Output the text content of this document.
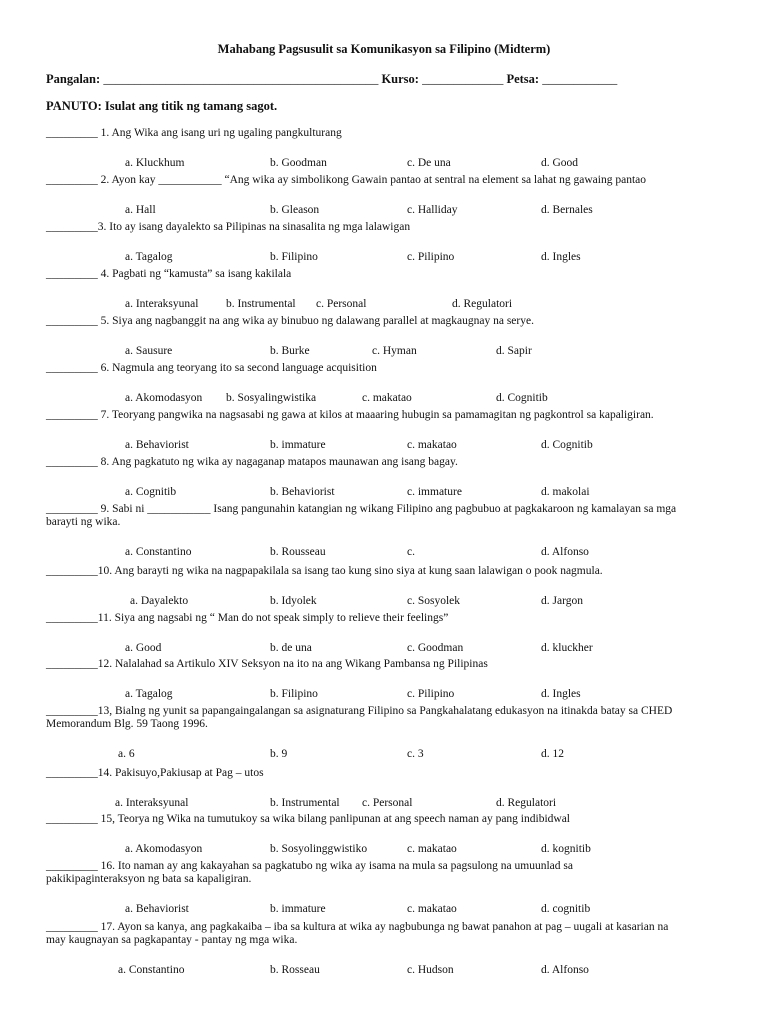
Mahabang Pagsusulit sa Komunikasyon sa Filipino (Midterm)
Pangalan: ____________________________________________ Kurso: _____________ Petsa: ____________
PANUTO: Isulat ang titik ng tamang sagot.
_________ 1. Ang Wika ang isang uri ng ugaling pangkulturang
a. Kluckhum	b. Goodman	c. De una	d. Good
_________ 2. Ayon kay ___________ “Ang wika ay simbolikong Gawain pantao at sentral na element sa lahat ng gawaing pantao
a. Hall	b. Gleason	c. Halliday	d. Bernales
_________3. Ito ay isang dayalekto sa Pilipinas na sinasalita ng mga lalawigan
a. Tagalog	b. Filipino	c. Pilipino	d. Ingles
_________ 4. Pagbati ng “kamusta” sa isang kakilala
a. Interaksyunal b. Instrumental c. Personal	d. Regulatori
_________ 5. Siya ang nagbanggit na ang wika ay binubuo ng dalawang parallel at magkaugnay na serye.
a. Sausure	b. Burke	c. Hyman	d. Sapir
_________ 6. Nagmula ang teoryang ito sa second language acquisition
a. Akomodasyon b. Sosyalingwistika	c. makatao	d. Cognitib
_________ 7. Teoryang pangwika na nagsasabi ng gawa at kilos at maaaring hubugin sa pamamagitan ng pagkontrol sa kapaligiran.
a. Behaviorist	b. immature	c. makatao	d. Cognitib
_________ 8. Ang pagkatuto ng wika ay nagaganap matapos maunawan ang isang bagay.
a. Cognitib	b. Behaviorist	c. immature	d. makolai
_________ 9. Sabi ni ___________ Isang pangunahin katangian ng wikang Filipino ang pagbubuo at pagkakaroon ng kamalayan sa mga
barayti ng wika.
a. Constantino	b. Rousseau	c.	d. Alfonso
_________10. Ang barayti ng wika na nagpapakilala sa isang tao kung sino siya at kung saan lalawigan o pook nagmula.
a. Dayalekto	b. Idyolek	c. Sosyolek	d. Jargon
_________11. Siya ang nagsabi ng “ Man do not speak simply to relieve their feelings”
a. Good	b. de una	c. Goodman	d. kluckher
_________12. Nalalahad sa Artikulo XIV Seksyon na ito na ang Wikang Pambansa ng Pilipinas
a. Tagalog	b. Filipino	c. Pilipino	d. Ingles
_________13, Bialng ng yunit sa papangaingalangan sa asignaturang Filipino sa Pangkahalatang edukasyon na itinakda batay sa CHED
Memorandum Blg. 59 Taong 1996.
a. 6	b. 9	c. 3	d. 12
_________14. Pakisuyo,Pakiusap at Pag – utos
a. Interaksyunal	b. Instrumental c. Personal	d. Regulatori
_________ 15, Teorya ng Wika na tumutukoy sa wika bilang panlipunan at ang speech naman ay pang indibidwal
a. Akomodasyon	b. Sosyolinggwistiko	c. makatao	d. kognitib
_________ 16. Ito naman ay ang kakayahan sa pagkatubo ng wika ay isama na mula sa pagsulong na umuunlad sa
pakikipaginteraksyon ng bata sa kapaligiran.
a. Behaviorist	b. immature	c. makatao	d. cognitib
_________ 17. Ayon sa kanya, ang pagkakaiba – iba sa kultura at wika ay nagbubunga ng bawat panahon at pag – uugali at kasarian na
may kaugnayan sa pagkapantay - pantay ng mga wika.
a. Constantino	b. Rosseau	c. Hudson	d. Alfonso
